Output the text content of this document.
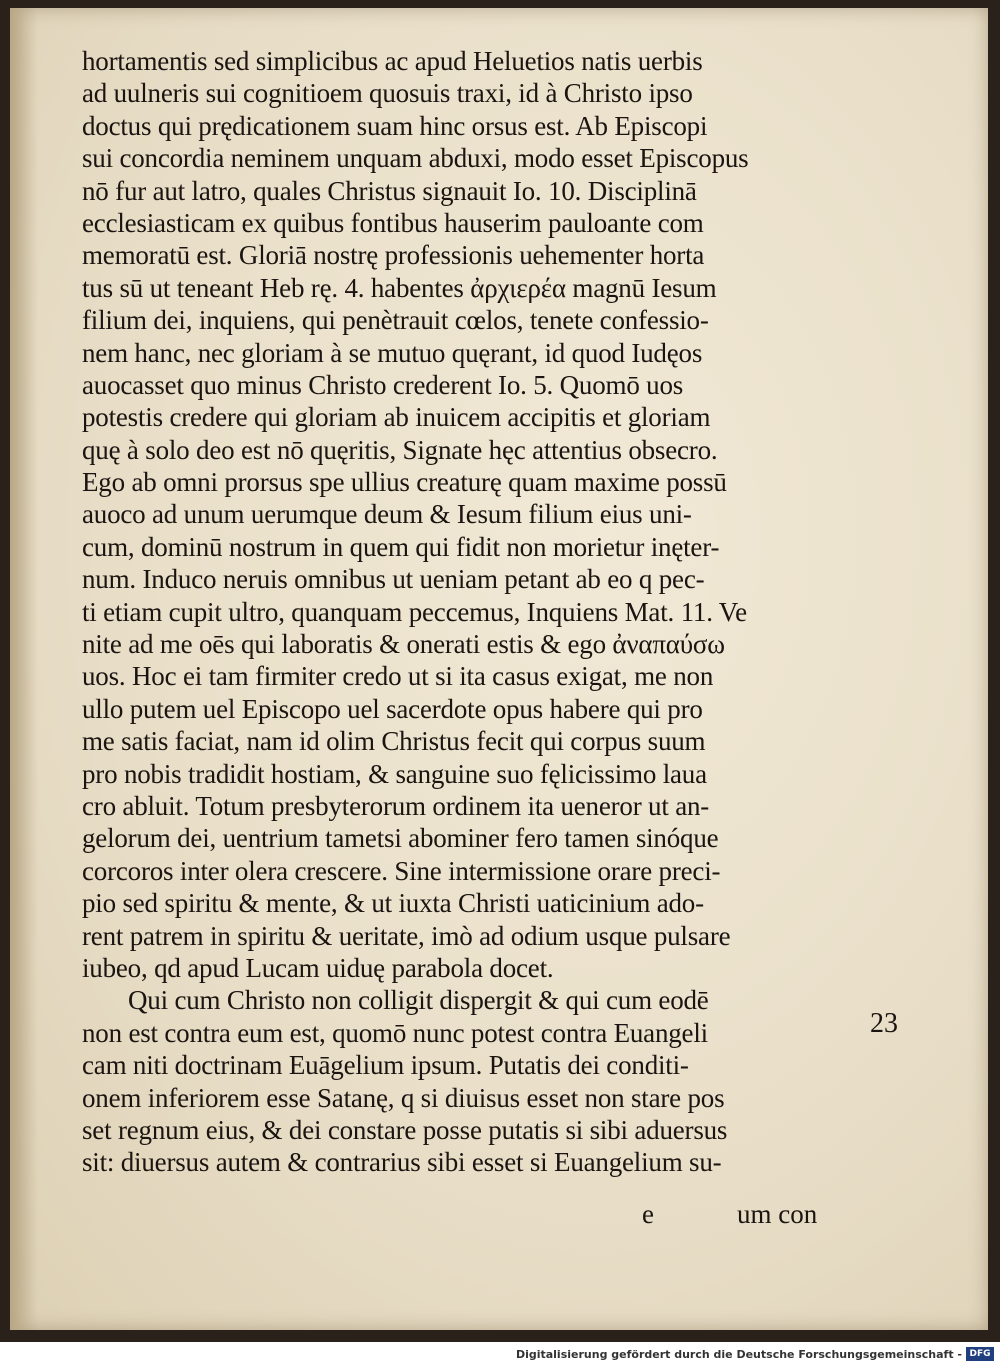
hortamentis sed simplicibus ac apud Heluetios natis uerbis
ad uulneris sui cognitioem quosuis traxi, id à Christo ipso
doctus qui prędicationem suam hinc orsus est. Ab Episcopi
sui concordia neminem unquam abduxi, modo esset Episcopus
nō fur aut latro, quales Christus signauit Io. 10. Disciplinā
ecclesiasticam ex quibus fontibus hauserim pauloante com
memoratū est. Gloriā nostrę professionis uehementer horta
tus sū ut teneant Heb rę. 4. habentes ἀρχιερέα magnū Iesum
filium dei, inquiens, qui penètrauit cœlos, tenete confessio-
nem hanc, nec gloriam à se mutuo quęrant, id quod Iudęos
auocasset quo minus Christo crederent Io. 5. Quomō uos
potestis credere qui gloriam ab inuicem accipitis et gloriam
quę à solo deo est nō quęritis, Signate hęc attentius obsecro.
Ego ab omni prorsus spe ullius creaturę quam maxime possū
auoco ad unum uerumque deum & Iesum filium eius uni-
cum, dominū nostrum in quem qui fidit non morietur inęter-
num. Induco neruis omnibus ut ueniam petant ab eo q pec-
ti etiam cupit ultro, quanquam peccemus, Inquiens Mat. 11. Ve
nite ad me oēs qui laboratis & onerati estis & ego ἀναπαύσω
uos. Hoc ei tam firmiter credo ut si ita casus exigat, me non
ullo putem uel Episcopo uel sacerdote opus habere qui pro
me satis faciat, nam id olim Christus fecit qui corpus suum
pro nobis tradidit hostiam, & sanguine suo fęlicissimo laua
cro abluit. Totum presbyterorum ordinem ita ueneror ut an-
gelorum dei, uentrium tametsi abominer fero tamen sinóque
corcoros inter olera crescere. Sine intermissione orare preci-
pio sed spiritu & mente, & ut iuxta Christi uaticinium ado-
rent patrem in spiritu & ueritate, imò ad odium usque pulsare
iubeo, qd apud Lucam uiduę parabola docet.
Qui cum Christo non colligit dispergit & qui cum eodē
non est contra eum est, quomō nunc potest contra Euangeli
cam niti doctrinam Euāgelium ipsum. Putatis dei conditi-
onem inferiorem esse Satanę, q si diuisus esset non stare pos
set regnum eius, & dei constare posse putatis si sibi aduersus
sit: diuersus autem & contrarius sibi esset si Euangelium su-
23
e	um con
Digitalisierung gefördert durch die Deutsche Forschungsgemeinschaft - DFG
